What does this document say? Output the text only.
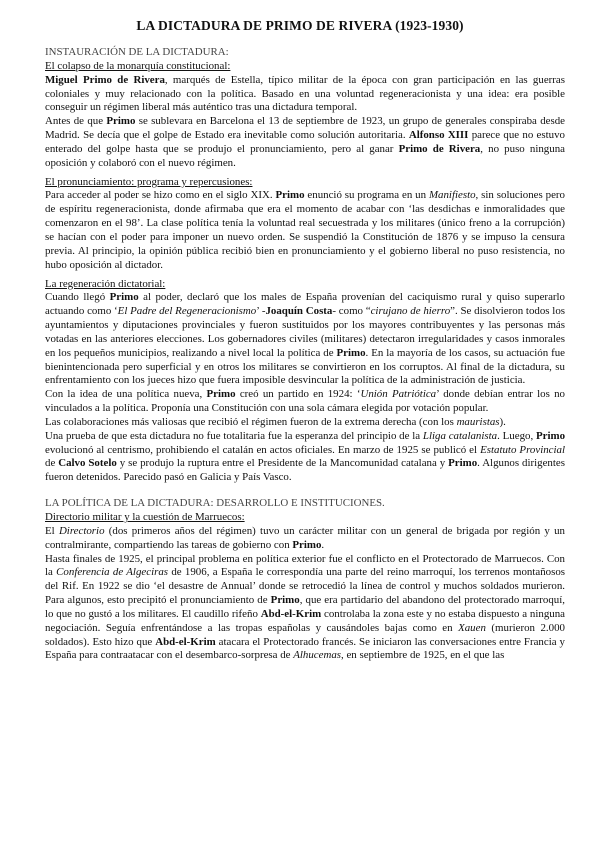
LA DICTADURA DE PRIMO DE RIVERA (1923-1930)
INSTAURACIÓN DE LA DICTADURA:
El colapso de la monarquía constitucional:

Miguel Primo de Rivera, marqués de Estella, típico militar de la época con gran participación en las guerras coloniales y muy relacionado con la política. Basado en una voluntad regeneracionista y una idea: era posible conseguir un régimen liberal más auténtico tras una dictadura temporal.

Antes de que Primo se sublevara en Barcelona el 13 de septiembre de 1923, un grupo de generales conspiraba desde Madrid. Se decía que el golpe de Estado era inevitable como solución autoritaria. Alfonso XIII parece que no estuvo enterado del golpe hasta que se produjo el pronunciamiento, pero al ganar Primo de Rivera, no puso ninguna oposición y colaboró con el nuevo régimen.

El pronunciamiento: programa y repercusiones:

Para acceder al poder se hizo como en el siglo XIX. Primo enunció su programa en un Manifiesto, sin soluciones pero de espíritu regeneracionista, donde afirmaba que era el momento de acabar con ‘las desdichas e inmoralidades que comenzaron en el 98’. La clase política tenía la voluntad real secuestrada y los militares (único freno a la corrupción) se hacían con el poder para imponer un nuevo orden. Se suspendió la Constitución de 1876 y se impuso la censura previa. Al principio, la opinión pública recibió bien en pronunciamiento y el gobierno liberal no puso resistencia, no hubo oposición al dictador.

La regeneración dictatorial:

Cuando llegó Primo al poder, declaró que los males de España provenían del caciquismo rural y quiso superarlo actuando como ‘El Padre del Regeneracionismo’ -Joaquín Costa- como “cirujano de hierro”. Se disolvieron todos los ayuntamientos y diputaciones provinciales y fueron sustituidos por los mayores contribuyentes y las personas más votadas en las anteriores elecciones. Los gobernadores civiles (militares) detectaron irregularidades y casos inmorales en los pequeños municipios, realizando a nivel local la política de Primo. En la mayoría de los casos, su actuación fue bienintencionada pero superficial y en otros los militares se convirtieron en los corruptos. Al final de la dictadura, su enfrentamiento con los jueces hizo que fuera imposible desvincular la política de la administración de justicia.

Con la idea de una política nueva, Primo creó un partido en 1924: ‘Unión Patriótica’ donde debían entrar los no vinculados a la política. Proponía una Constitución con una sola cámara elegida por votación popular.

Las colaboraciones más valiosas que recibió el régimen fueron de la extrema derecha (con los mauristas).

Una prueba de que esta dictadura no fue totalitaria fue la esperanza del principio de la Lliga catalanista. Luego, Primo evolucionó al centrismo, prohibiendo el catalán en actos oficiales. En marzo de 1925 se publicó el Estatuto Provincial de Calvo Sotelo y se produjo la ruptura entre el Presidente de la Mancomunidad catalana y Primo. Algunos dirigentes fueron detenidos. Parecido pasó en Galicia y País Vasco.

LA POLÍTICA DE LA DICTADURA: DESARROLLO E INSTITUCIONES.
Directorio militar y la cuestión de Marruecos:

El Directorio (dos primeros años del régimen) tuvo un carácter militar con un general de brigada por región y un contralmirante, compartiendo las tareas de gobierno con Primo.

Hasta finales de 1925, el principal problema en política exterior fue el conflicto en el Protectorado de Marruecos. Con la Conferencia de Algeciras de 1906, a España le correspondía una parte del reino marroquí, los terrenos montañosos del Rif. En 1922 se dio ‘el desastre de Annual’ donde se retrocedió la línea de control y muchos soldados murieron. Para algunos, esto precipitó el pronunciamiento de Primo, que era partidario del abandono del protectorado marroquí, lo que no gustó a los militares. El caudillo rifeño Abd-el-Krim controlaba la zona este y no estaba dispuesto a ninguna negociación. Seguía enfrentándose a las tropas españolas y causándoles bajas como en Xauen (murieron 2.000 soldados). Esto hizo que Abd-el-Krim atacara el Protectorado francés. Se iniciaron las conversaciones entre Francia y España para contraatacar con el desembarco-sorpresa de Alhucemas, en septiembre de 1925, en el que las
